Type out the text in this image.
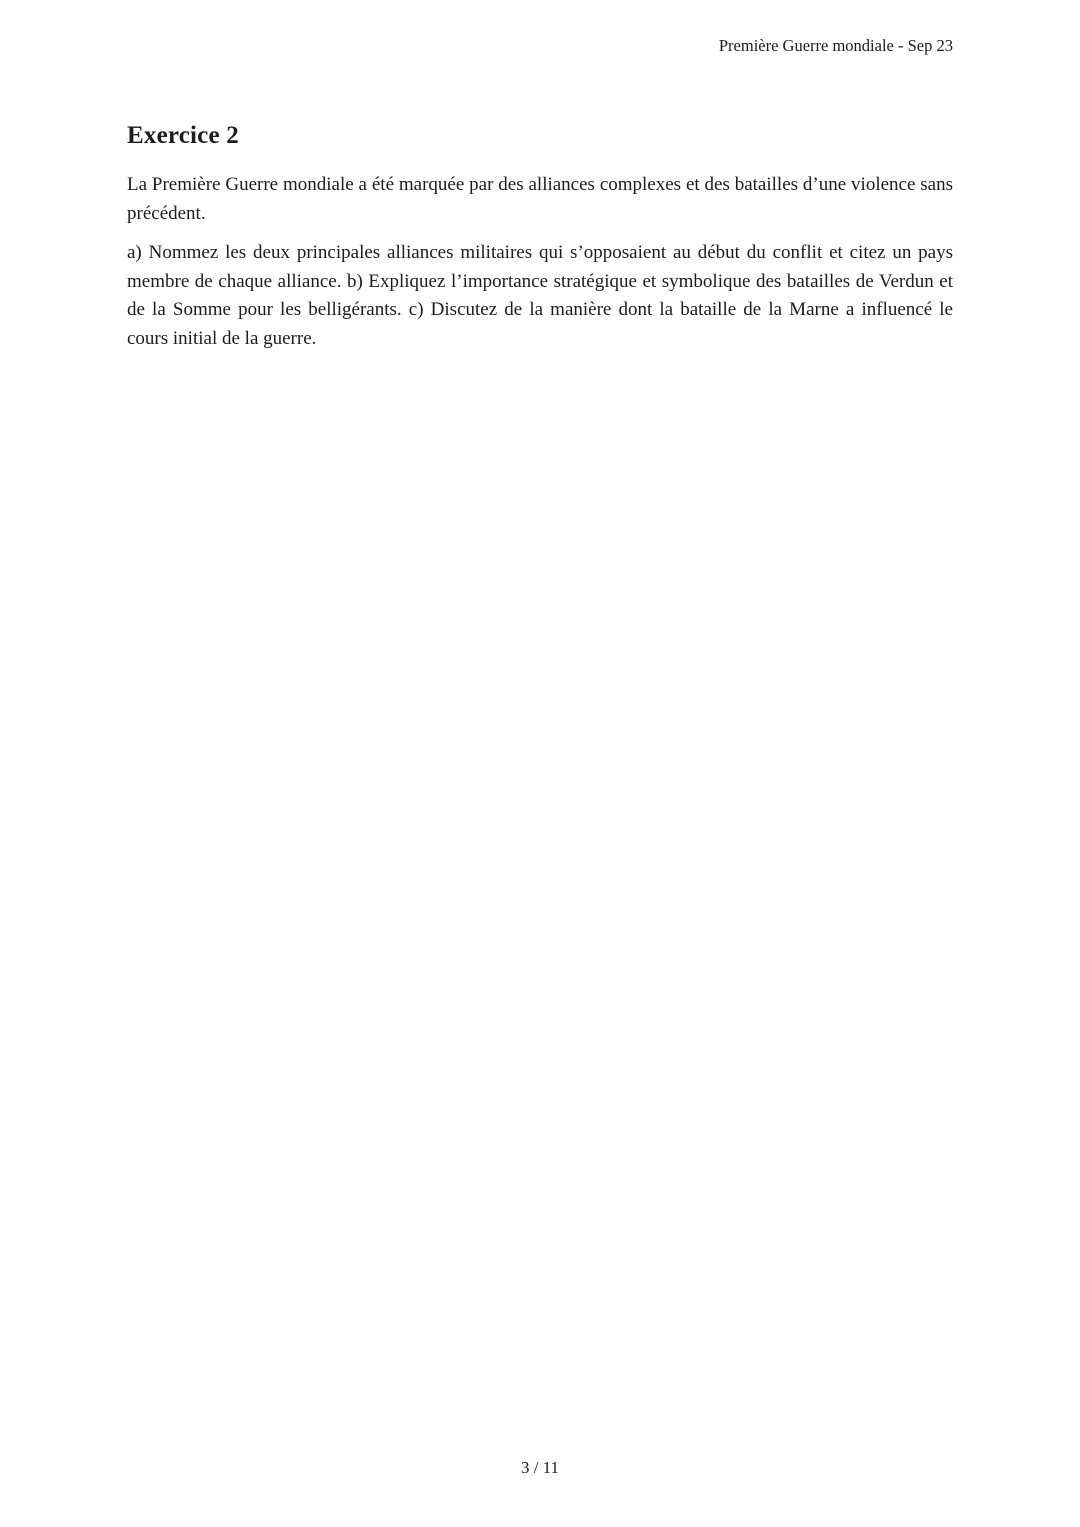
Première Guerre mondiale - Sep 23
Exercice 2

La Première Guerre mondiale a été marquée par des alliances complexes et des batailles d’une violence sans précédent.

a) Nommez les deux principales alliances militaires qui s’opposaient au début du conflit et citez un pays membre de chaque alliance. b) Expliquez l’importance stratégique et symbolique des batailles de Verdun et de la Somme pour les belligérants. c) Discutez de la manière dont la bataille de la Marne a influencé le cours initial de la guerre.

3 / 11
